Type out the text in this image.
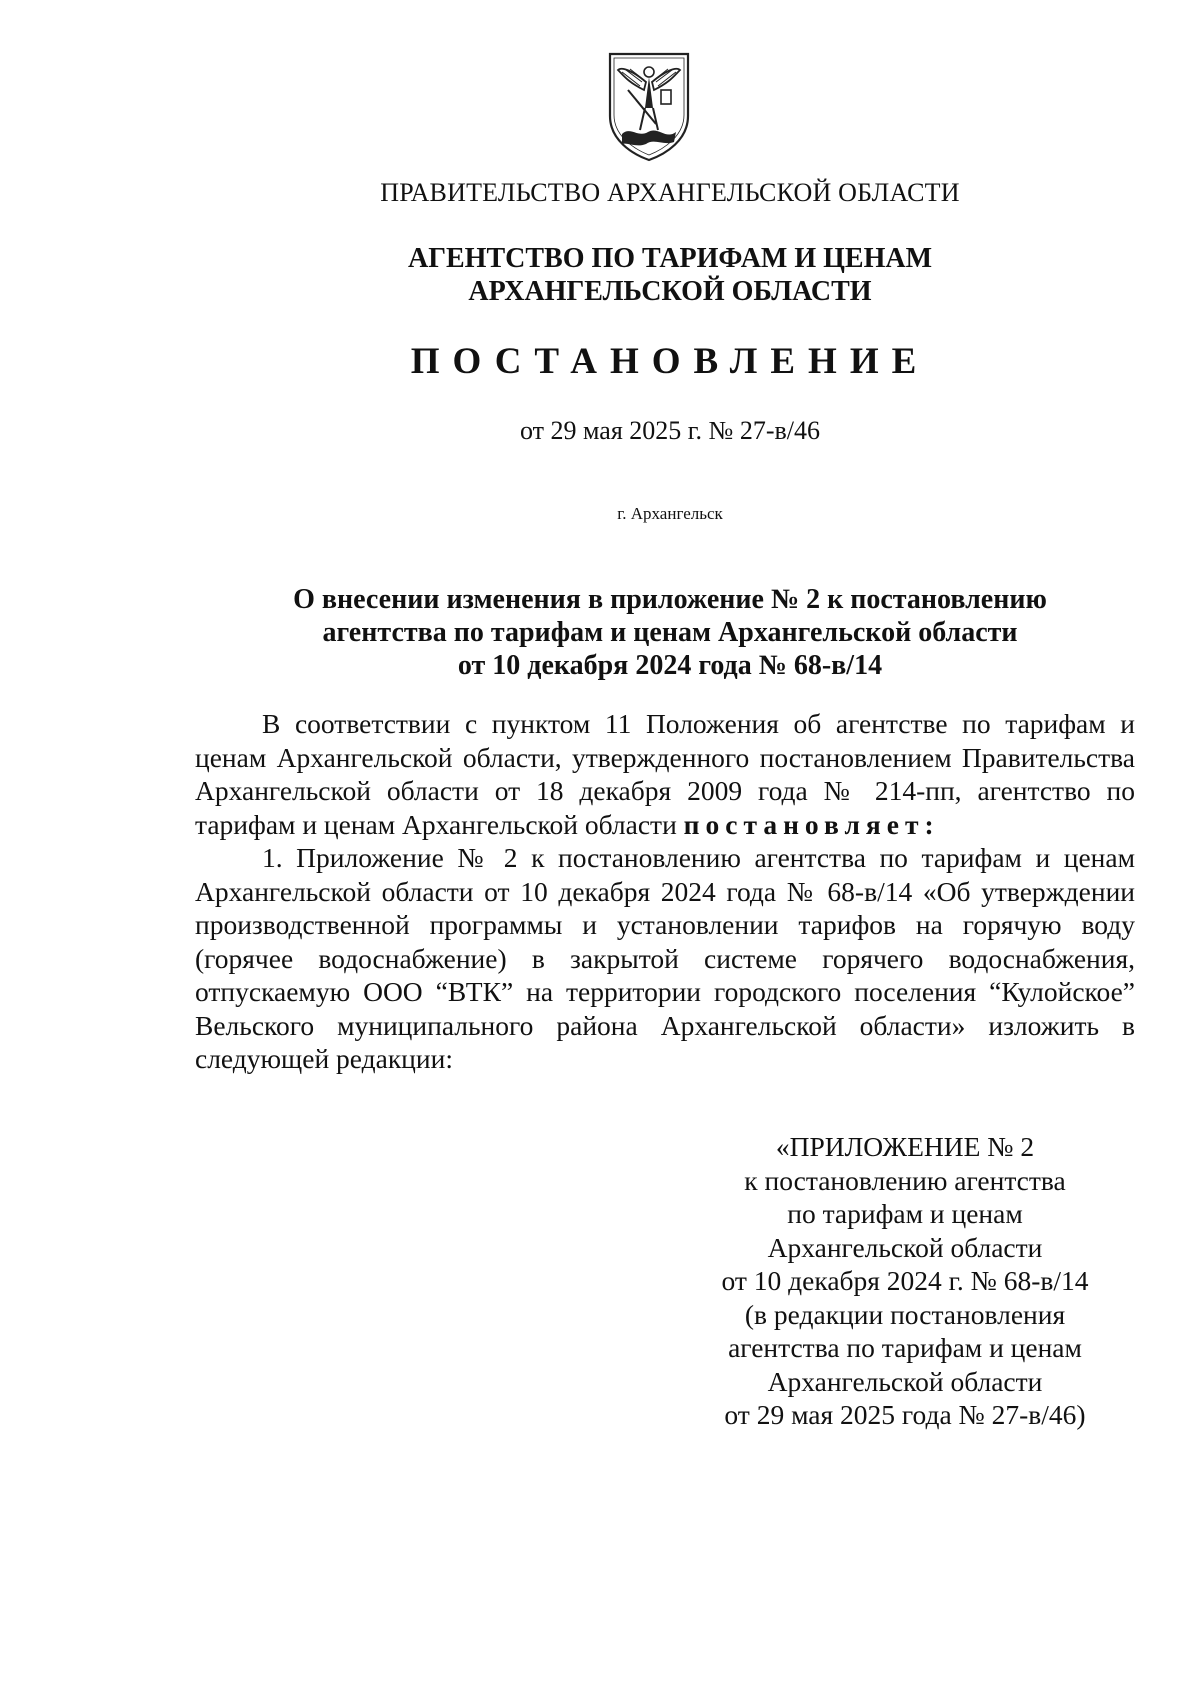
ПРАВИТЕЛЬСТВО АРХАНГЕЛЬСКОЙ ОБЛАСТИ
АГЕНТСТВО ПО ТАРИФАМ И ЦЕНАМ
АРХАНГЕЛЬСКОЙ ОБЛАСТИ
ПОСТАНОВЛЕНИЕ
от 29 мая 2025 г. № 27-в/46
г. Архангельск
О внесении изменения в приложение № 2 к постановлению
агентства по тарифам и ценам Архангельской области
от 10 декабря 2024 года № 68-в/14

В соответствии с пунктом 11 Положения об агентстве по тарифам и ценам Архангельской области, утвержденного постановлением Правительства Архангельской области от 18 декабря 2009 года № 214-пп, агентство по тарифам и ценам Архангельской области постановляет:

1. Приложение № 2 к постановлению агентства по тарифам и ценам Архангельской области от 10 декабря 2024 года № 68-в/14 «Об утверждении производственной программы и установлении тарифов на горячую воду (горячее водоснабжение) в закрытой системе горячего водоснабжения, отпускаемую ООО “ВТК” на территории городского поселения “Кулойское” Вельского муниципального района Архангельской области» изложить в следующей редакции:

«ПРИЛОЖЕНИЕ № 2
к постановлению агентства
по тарифам и ценам
Архангельской области
от 10 декабря 2024 г. № 68-в/14
(в редакции постановления
агентства по тарифам и ценам
Архангельской области
от 29 мая 2025 года № 27-в/46)
